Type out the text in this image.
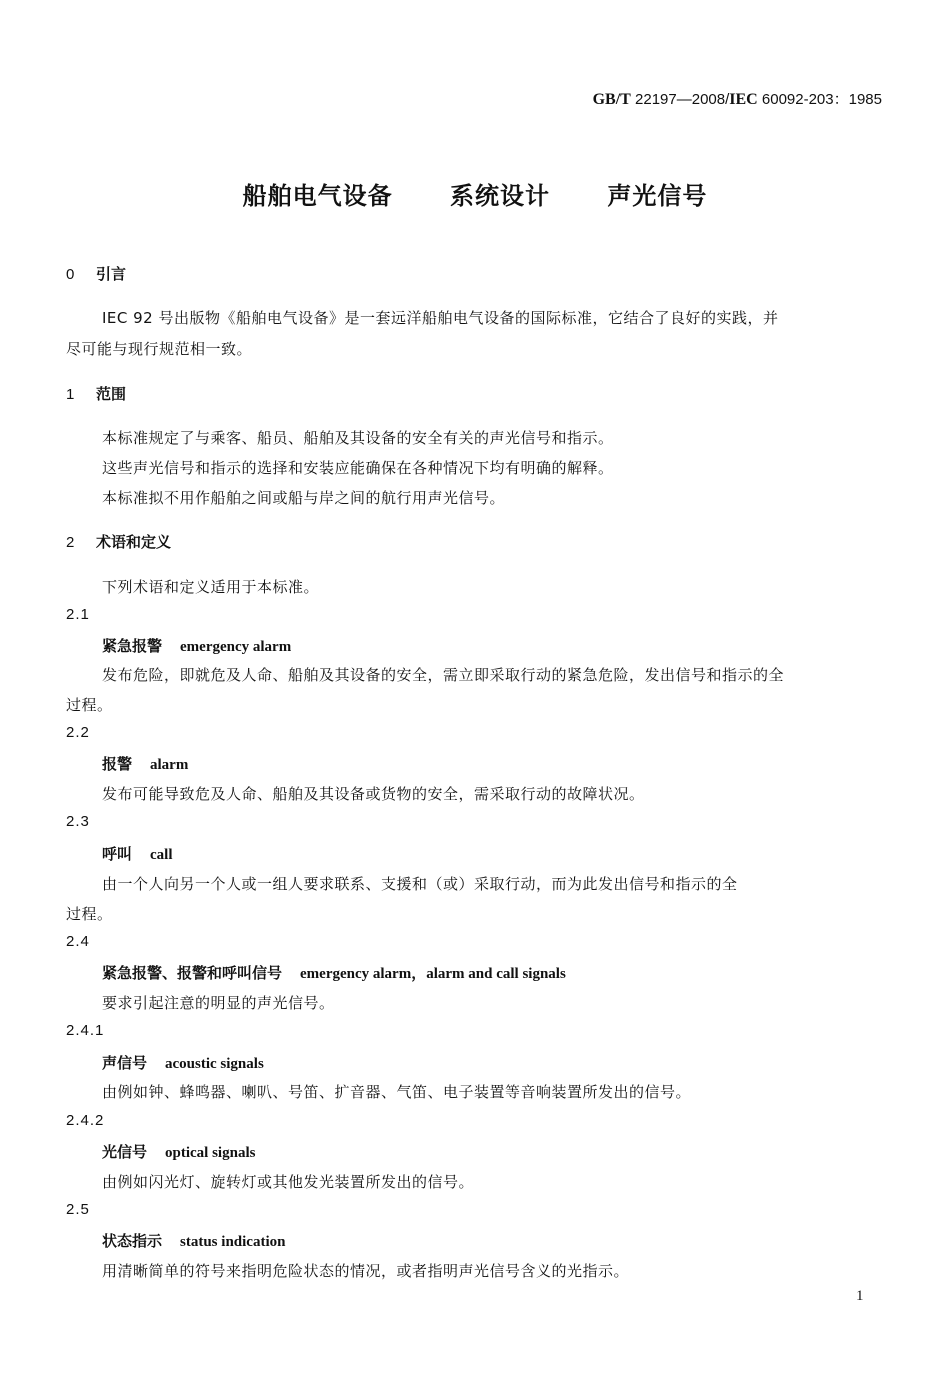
GB/T 22197—2008/IEC 60092-203：1985
船舶电气设备 系统设计 声光信号
0 引言
IEC 92 号出版物《船舶电气设备》是一套远洋船舶电气设备的国际标准，它结合了良好的实践，并
尽可能与现行规范相一致。
1 范围
本标准规定了与乘客、船员、船舶及其设备的安全有关的声光信号和指示。
这些声光信号和指示的选择和安装应能确保在各种情况下均有明确的解释。
本标准拟不用作船舶之间或船与岸之间的航行用声光信号。
2 术语和定义
下列术语和定义适用于本标准。
2.1
紧急报警 emergency alarm
发布危险，即就危及人命、船舶及其设备的安全，需立即采取行动的紧急危险，发出信号和指示的全
过程。
2.2
报警 alarm
发布可能导致危及人命、船舶及其设备或货物的安全，需采取行动的故障状况。
2.3
呼叫 call
由一个人向另一个人或一组人要求联系、支援和（或）采取行动，而为此发出信号和指示的全
过程。
2.4
紧急报警、报警和呼叫信号 emergency alarm，alarm and call signals
要求引起注意的明显的声光信号。
2.4.1
声信号 acoustic signals
由例如钟、蜂鸣器、喇叭、号笛、扩音器、气笛、电子装置等音响装置所发出的信号。
2.4.2
光信号 optical signals
由例如闪光灯、旋转灯或其他发光装置所发出的信号。
2.5
状态指示 status indication
用清晰简单的符号来指明危险状态的情况，或者指明声光信号含义的光指示。
1
